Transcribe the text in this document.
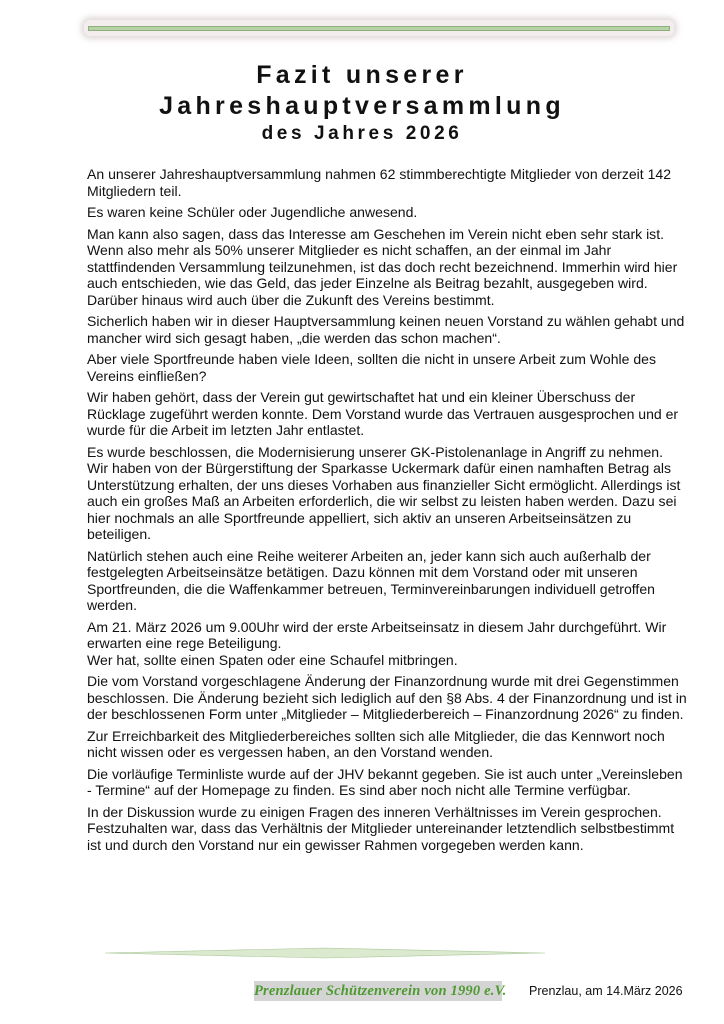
Fazit unserer
Jahreshauptversammlung
des Jahres 2026

An unserer Jahreshauptversammlung nahmen 62 stimmberechtigte Mitglieder von derzeit 142 Mitgliedern teil.

Es waren keine Schüler oder Jugendliche anwesend.

Man kann also sagen, dass das Interesse am Geschehen im Verein nicht eben sehr stark ist. Wenn also mehr als 50% unserer Mitglieder es nicht schaffen, an der einmal im Jahr stattfindenden Versammlung teilzunehmen, ist das doch recht bezeichnend. Immerhin wird hier auch entschieden, wie das Geld, das jeder Einzelne als Beitrag bezahlt, ausgegeben wird. Darüber hinaus wird auch über die Zukunft des Vereins bestimmt.

Sicherlich haben wir in dieser Hauptversammlung keinen neuen Vorstand zu wählen gehabt und mancher wird sich gesagt haben, „die werden das schon machen“.

Aber viele Sportfreunde haben viele Ideen, sollten die nicht in unsere Arbeit zum Wohle des Vereins einfließen?

Wir haben gehört, dass der Verein gut gewirtschaftet hat und ein kleiner Überschuss der Rücklage zugeführt werden konnte. Dem Vorstand wurde das Vertrauen ausgesprochen und er wurde für die Arbeit im letzten Jahr entlastet.

Es wurde beschlossen, die Modernisierung unserer GK-Pistolenanlage in Angriff zu nehmen. Wir haben von der Bürgerstiftung der Sparkasse Uckermark dafür einen namhaften Betrag als Unterstützung erhalten, der uns dieses Vorhaben aus finanzieller Sicht ermöglicht. Allerdings ist auch ein großes Maß an Arbeiten erforderlich, die wir selbst zu leisten haben werden. Dazu sei hier nochmals an alle Sportfreunde appelliert, sich aktiv an unseren Arbeitseinsätzen zu beteiligen.

Natürlich stehen auch eine Reihe weiterer Arbeiten an, jeder kann sich auch außerhalb der festgelegten Arbeitseinsätze betätigen. Dazu können mit dem Vorstand oder mit unseren Sportfreunden, die die Waffenkammer betreuen, Terminvereinbarungen individuell getroffen werden.

Am 21. März 2026 um 9.00Uhr wird der erste Arbeitseinsatz in diesem Jahr durchgeführt. Wir erwarten eine rege Beteiligung.

Wer hat, sollte einen Spaten oder eine Schaufel mitbringen.

Die vom Vorstand vorgeschlagene Änderung der Finanzordnung wurde mit drei Gegenstimmen beschlossen. Die Änderung bezieht sich lediglich auf den §8 Abs. 4 der Finanzordnung und ist in der beschlossenen Form unter „Mitglieder – Mitgliederbereich – Finanzordnung 2026“ zu finden.

Zur Erreichbarkeit des Mitgliederbereiches sollten sich alle Mitglieder, die das Kennwort noch nicht wissen oder es vergessen haben, an den Vorstand wenden.

Die vorläufige Terminliste wurde auf der JHV bekannt gegeben. Sie ist auch unter „Vereinsleben - Termine“ auf der Homepage zu finden. Es sind aber noch nicht alle Termine verfügbar.

In der Diskussion wurde zu einigen Fragen des inneren Verhältnisses im Verein gesprochen. Festzuhalten war, dass das Verhältnis der Mitglieder untereinander letztendlich selbstbestimmt ist und durch den Vorstand nur ein gewisser Rahmen vorgegeben werden kann.

Prenzlauer Schützenverein von 1990 e.V. Prenzlau, am 14.März 2026
